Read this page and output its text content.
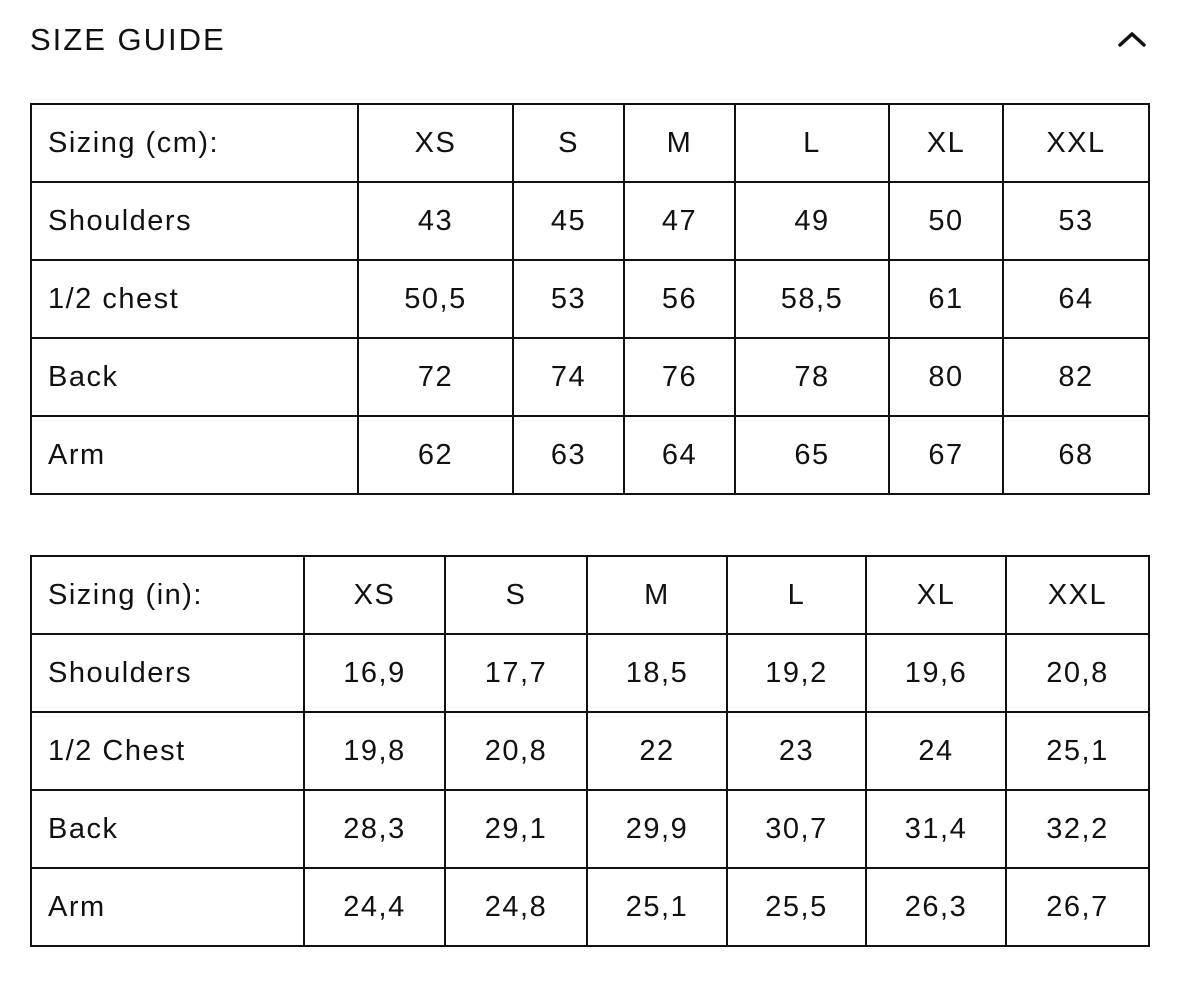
SIZE GUIDE
Sizing (cm):	XS	S	M	L	XL	XXL
Shoulders	43	45	47	49	50	53
1/2 chest	50,5	53	56	58,5	61	64
Back	72	74	76	78	80	82
Arm	62	63	64	65	67	68
Sizing (in):	XS	S	M	L	XL	XXL
Shoulders	16,9	17,7	18,5	19,2	19,6	20,8
1/2 Chest	19,8	20,8	22	23	24	25,1
Back	28,3	29,1	29,9	30,7	31,4	32,2
Arm	24,4	24,8	25,1	25,5	26,3	26,7
